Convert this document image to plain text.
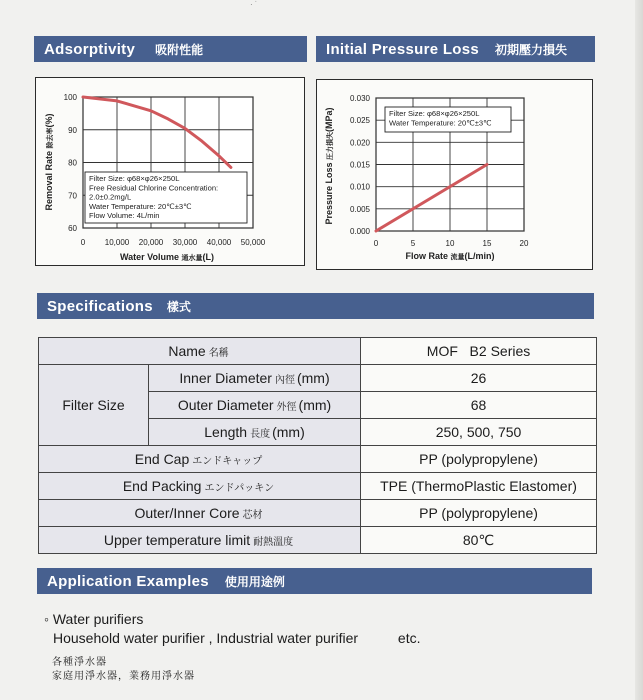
· ˙
Adsorptivity 吸附性能	Initial Pressure Loss 初期壓力損失
0 10,000 20,000 30,000 40,000 50,000
60
70
80
90
100
Filter Size: φ68×φ26×250L
Free Residual Chlorine Concentration:
2.0±0.2mg/L
Water Temperature: 20℃±3℃
Flow Volume: 4L/min
Water Volume 通水量(L)
Removal Rate 除去率(%)
0	5	10	15	20
0.000
0.005
0.010
0.015
0.020
0.025
0.030
Filter Size: φ68×φ26×250L
Water Temperature: 20℃±3℃
Flow Rate 流量(L/min)
Pressure Loss 圧力損失(MPa)
Specifications 樣式
Name 名稱		MOF   B2 Series
Filter Size	Inner Diameter 內徑 (mm)	26
	Outer Diameter 外徑 (mm)	68
	Length 長度 (mm)	250, 500, 750
End Cap エンドキャップ		PP (polypropylene)
End Packing エンドパッキン		TPE (ThermoPlastic Elastomer)
Outer/Inner Core 芯材		PP (polypropylene)
Upper temperature limit 耐熱溫度		80℃
Application Examples 使用用途例
◦ Water purifiers
Household water purifier , Industrial water purifier	etc.
各種淨水器
家庭用淨水器，業務用淨水器
